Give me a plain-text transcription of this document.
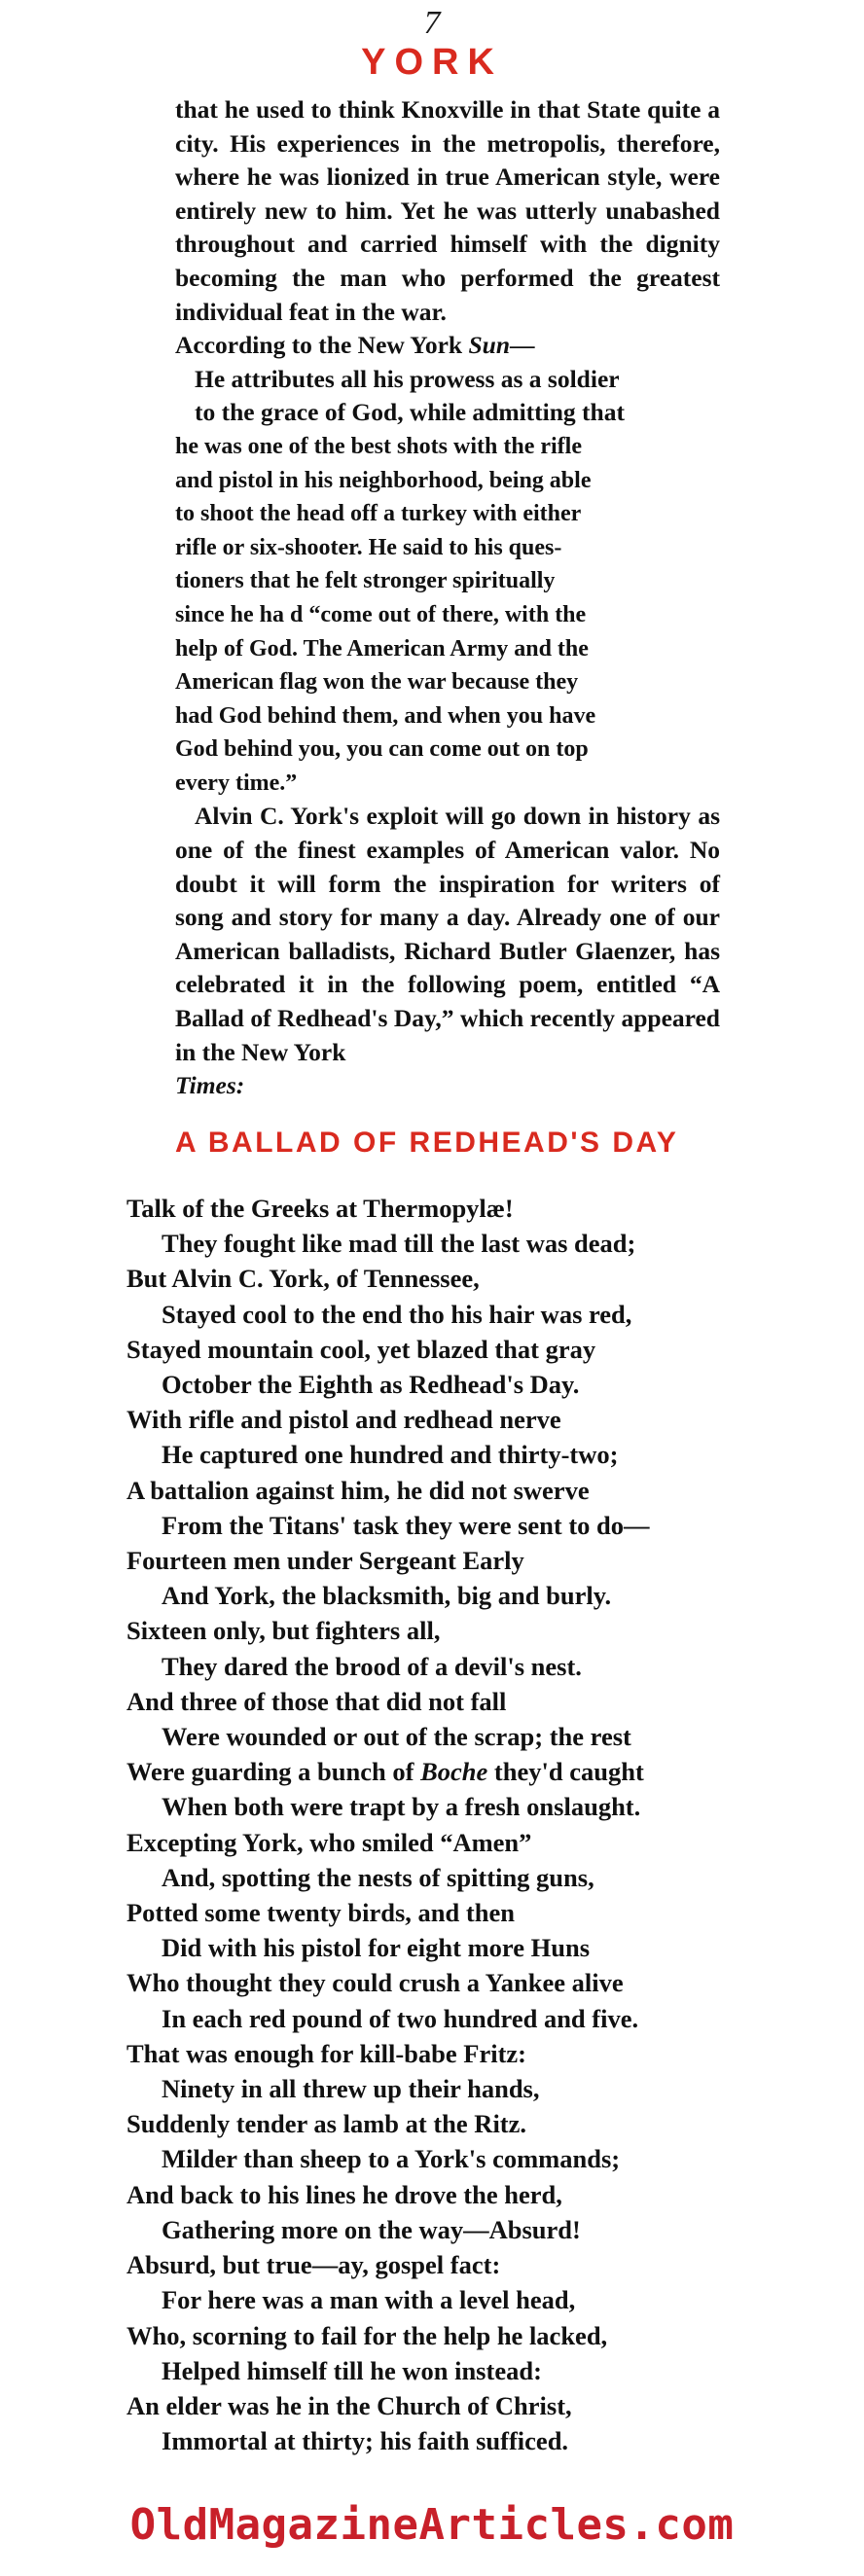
7
YORK

that he used to think Knoxville in that State quite a city. His experiences in the metropolis, therefore, where he was lionized in true American style, were entirely new to him. Yet he was utterly unabashed throughout and carried himself with the dignity becoming the man who performed the greatest individual feat in the war.

According to the New York Sun—

He attributes all his prowess as a soldier
to the grace of God, while admitting that
he was one of the best shots with the rifle
and pistol in his neighborhood, being able
to shoot the head off a turkey with either
rifle or six-shooter. He said to his ques-
tioners that he felt stronger spiritually
since he ha d “come out of there, with the
help of God. The American Army and the
American flag won the war because they
had God behind them, and when you have
God behind you, you can come out on top
every time.”

Alvin C. York's exploit will go down in history as one of the finest examples of American valor. No doubt it will form the inspiration for writers of song and story for many a day. Already one of our American balladists, Richard Butler Glaenzer, has celebrated it in the following poem, entitled “A Ballad of Redhead's Day,” which recently appeared in the New York
Times:

A BALLAD OF REDHEAD'S DAY
Talk of the Greeks at Thermopylæ!
They fought like mad till the last was dead;
But Alvin C. York, of Tennessee,
Stayed cool to the end tho his hair was red,
Stayed mountain cool, yet blazed that gray
October the Eighth as Redhead's Day.
With rifle and pistol and redhead nerve
He captured one hundred and thirty-two;
A battalion against him, he did not swerve
From the Titans' task they were sent to do—
Fourteen men under Sergeant Early
And York, the blacksmith, big and burly.
Sixteen only, but fighters all,
They dared the brood of a devil's nest.
And three of those that did not fall
Were wounded or out of the scrap; the rest
Were guarding a bunch of Boche they'd caught
When both were trapt by a fresh onslaught.
Excepting York, who smiled “Amen”
And, spotting the nests of spitting guns,
Potted some twenty birds, and then
Did with his pistol for eight more Huns
Who thought they could crush a Yankee alive
In each red pound of two hundred and five.
That was enough for kill-babe Fritz:
Ninety in all threw up their hands,
Suddenly tender as lamb at the Ritz.
Milder than sheep to a York's commands;
And back to his lines he drove the herd,
Gathering more on the way—Absurd!
Absurd, but true—ay, gospel fact:
For here was a man with a level head,
Who, scorning to fail for the help he lacked,
Helped himself till he won instead:
An elder was he in the Church of Christ,
Immortal at thirty; his faith sufficed.
OldMagazineArticles.com
